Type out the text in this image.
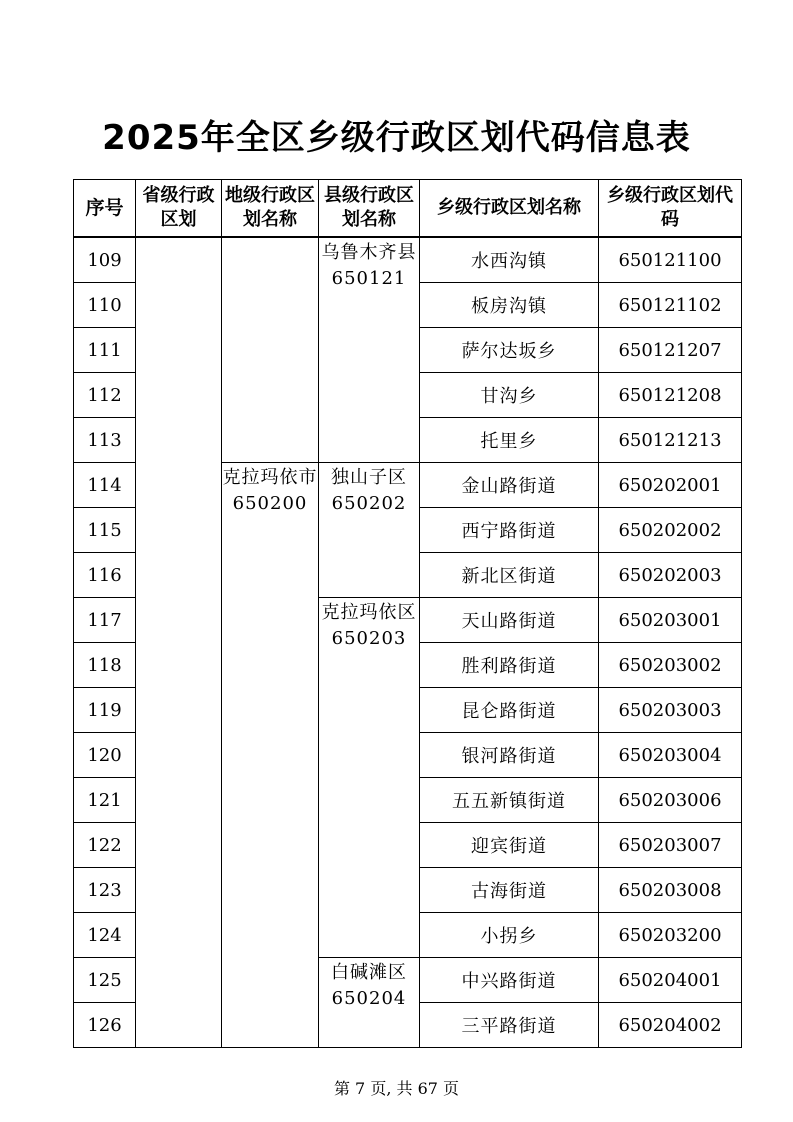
2025年全区乡级行政区划代码信息表
序号	省级行政区划	地级行政区划名称	县级行政区划名称	乡级行政区划名称	乡级行政区划代码
109			乌鲁木齐县 650121	水西沟镇	650121100
110				板房沟镇	650121102
111				萨尔达坂乡	650121207
112				甘沟乡	650121208
113				托里乡	650121213
114		克拉玛依市 650200	独山子区 650202	金山路街道	650202001
115				西宁路街道	650202002
116				新北区街道	650202003
117			克拉玛依区 650203	天山路街道	650203001
118				胜利路街道	650203002
119				昆仑路街道	650203003
120				银河路街道	650203004
121				五五新镇街道	650203006
122				迎宾街道	650203007
123				古海街道	650203008
124				小拐乡	650203200
125			白碱滩区 650204	中兴路街道	650204001
126				三平路街道	650204002
第 7 页, 共 67 页
